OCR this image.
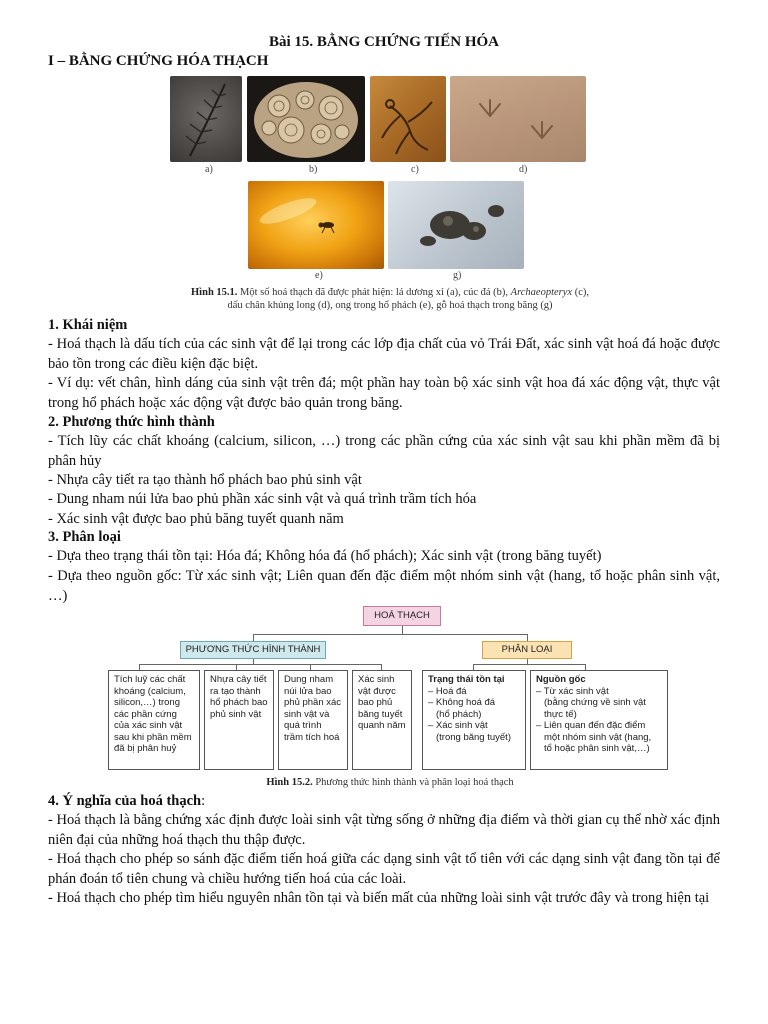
Bài 15. BẰNG CHỨNG TIẾN HÓA
I – BẰNG CHỨNG HÓA THẠCH
a)	b)	c)	d)
e)	g)
Hình 15.1. Một số hoá thạch đã được phát hiện: lá dương xỉ (a), cúc đá (b), Archaeopteryx (c),
dấu chân khủng long (d), ong trong hổ phách (e), gỗ hoá thạch trong băng (g)
1. Khái niệm

- Hoá thạch là dấu tích của các sinh vật để lại trong các lớp địa chất của vỏ Trái Đất, xác sinh vật hoá đá hoặc được bảo tồn trong các điều kiện đặc biệt.

- Ví dụ: vết chân, hình dáng của sinh vật trên đá; một phần hay toàn bộ xác sinh vật hoa đá xác động vật, thực vật trong hổ phách hoặc xác động vật được bảo quản trong băng.

2. Phương thức hình thành

- Tích lũy các chất khoáng (calcium, silicon, …) trong các phần cứng của xác sinh vật sau khi phần mềm đã bị phân hủy

- Nhựa cây tiết ra tạo thành hổ phách bao phủ sinh vật

- Dung nham núi lửa bao phủ phần xác sinh vật và quá trình trầm tích hóa

- Xác sinh vật được bao phủ băng tuyết quanh năm

3. Phân loại

- Dựa theo trạng thái tồn tại: Hóa đá; Không hóa đá (hổ phách); Xác sinh vật (trong băng tuyết)

- Dựa theo nguồn gốc: Từ xác sinh vật; Liên quan đến đặc điểm một nhóm sinh vật (hang, tổ hoặc phân sinh vật, …)

HOÁ THẠCH
PHƯƠNG THỨC HÌNH THÀNH	PHÂN LOẠI
Tích luỹ các chất khoáng (calcium, silicon,…) trong các phần cứng của xác sinh vật sau khi phần mềm đã bị phân huỷ
Nhựa cây tiết ra tạo thành hổ phách bao phủ sinh vật
Dung nham núi lửa bao phủ phần xác sinh vật và quá trình trầm tích hoá
Xác sinh vật được bao phủ băng tuyết quanh năm
Trạng thái tồn tại
– Hoá đá
– Không hoá đá
(hổ phách)
– Xác sinh vật
(trong băng tuyết)
Nguồn gốc
– Từ xác sinh vật
(bằng chứng về sinh vật
thực tế)
– Liên quan đến đặc điểm
một nhóm sinh vật (hang,
tổ hoặc phân sinh vật,…)
Hình 15.2. Phương thức hình thành và phân loại hoá thạch
4. Ý nghĩa của hoá thạch:

- Hoá thạch là bằng chứng xác định được loài sinh vật từng sống ở những địa điểm và thời gian cụ thể nhờ xác định niên đại của những hoá thạch thu thập được.

- Hoá thạch cho phép so sánh đặc điểm tiến hoá giữa các dạng sinh vật tổ tiên với các dạng sinh vật đang tồn tại để phán đoán tổ tiên chung và chiều hướng tiến hoá của các loài.

- Hoá thạch cho phép tìm hiểu nguyên nhân tồn tại và biến mất của những loài sinh vật trước đây và trong hiện tại
